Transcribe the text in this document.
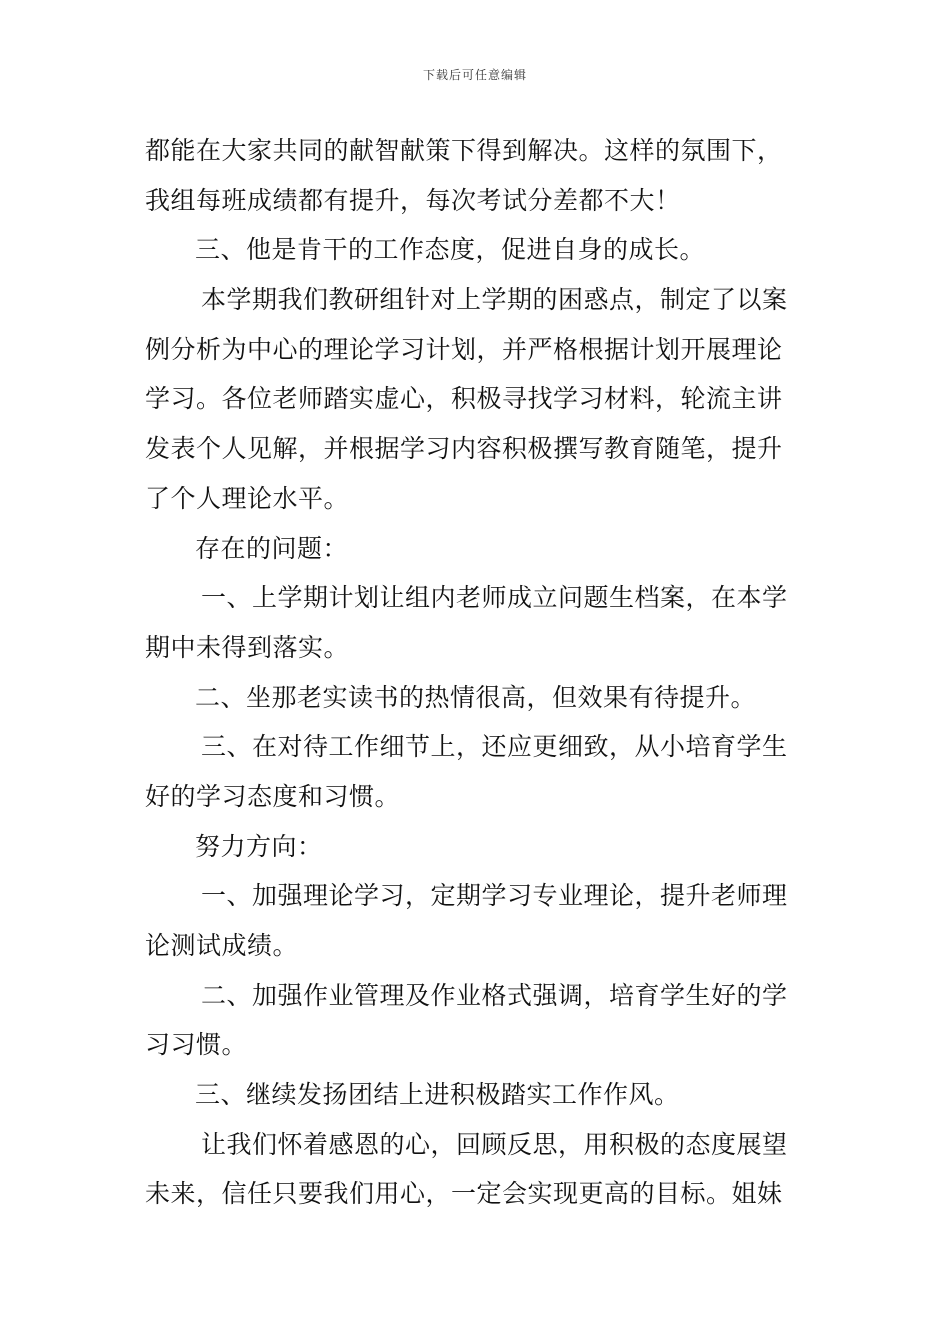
下载后可任意编辑
都能在大家共同的献智献策下得到解决。这样的氛围下，
我组每班成绩都有提升，每次考试分差都不大！
三、他是肯干的工作态度，促进自身的成长。
本学期我们教研组针对上学期的困惑点，制定了以案
例分析为中心的理论学习计划，并严格根据计划开展理论
学习。各位老师踏实虚心，积极寻找学习材料，轮流主讲
发表个人见解，并根据学习内容积极撰写教育随笔，提升
了个人理论水平。
存在的问题：
一、上学期计划让组内老师成立问题生档案，在本学
期中未得到落实。
二、坐那老实读书的热情很高，但效果有待提升。
三、在对待工作细节上，还应更细致，从小培育学生
好的学习态度和习惯。
努力方向：
一、加强理论学习，定期学习专业理论，提升老师理
论测试成绩。
二、加强作业管理及作业格式强调，培育学生好的学
习习惯。
三、继续发扬团结上进积极踏实工作作风。
让我们怀着感恩的心，回顾反思，用积极的态度展望
未来，信任只要我们用心，一定会实现更高的目标。姐妹
